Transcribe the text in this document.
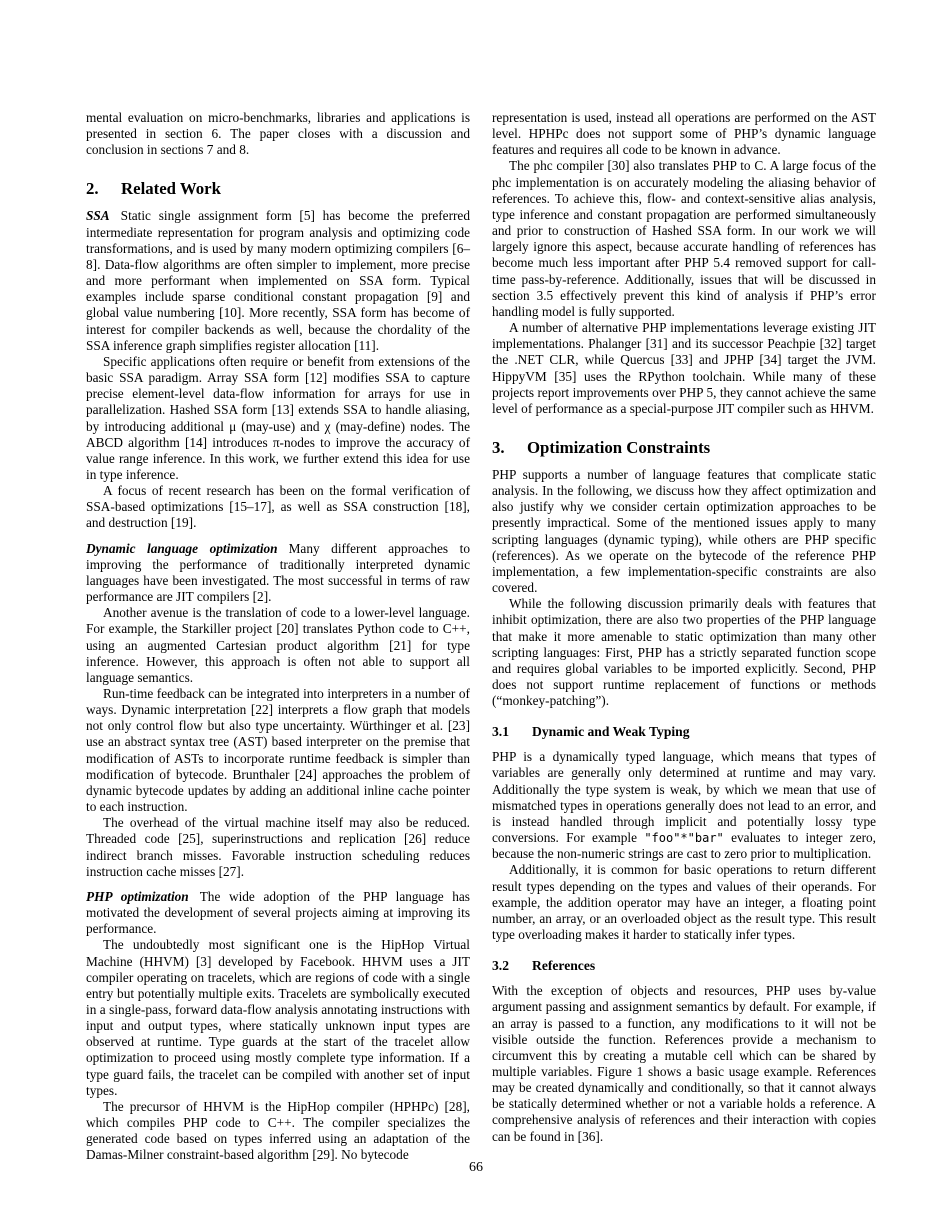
mental evaluation on micro-benchmarks, libraries and applications is presented in section 6. The paper closes with a discussion and conclusion in sections 7 and 8.

2.	Related Work

SSA Static single assignment form [5] has become the preferred intermediate representation for program analysis and optimizing code transformations, and is used by many modern optimizing compilers [6–8]. Data-flow algorithms are often simpler to implement, more precise and more performant when implemented on SSA form. Typical examples include sparse conditional constant propagation [9] and global value numbering [10]. More recently, SSA form has become of interest for compiler backends as well, because the chordality of the SSA inference graph simplifies register allocation [11].

Specific applications often require or benefit from extensions of the basic SSA paradigm. Array SSA form [12] modifies SSA to capture precise element-level data-flow information for arrays for use in parallelization. Hashed SSA form [13] extends SSA to handle aliasing, by introducing additional μ (may-use) and χ (may-define) nodes. The ABCD algorithm [14] introduces π-nodes to improve the accuracy of value range inference. In this work, we further extend this idea for use in type inference.

A focus of recent research has been on the formal verification of SSA-based optimizations [15–17], as well as SSA construction [18], and destruction [19].

Dynamic language optimization Many different approaches to improving the performance of traditionally interpreted dynamic languages have been investigated. The most successful in terms of raw performance are JIT compilers [2].

Another avenue is the translation of code to a lower-level language. For example, the Starkiller project [20] translates Python code to C++, using an augmented Cartesian product algorithm [21] for type inference. However, this approach is often not able to support all language semantics.

Run-time feedback can be integrated into interpreters in a number of ways. Dynamic interpretation [22] interprets a flow graph that models not only control flow but also type uncertainty. Würthinger et al. [23] use an abstract syntax tree (AST) based interpreter on the premise that modification of ASTs to incorporate runtime feedback is simpler than modification of bytecode. Brunthaler [24] approaches the problem of dynamic bytecode updates by adding an additional inline cache pointer to each instruction.

The overhead of the virtual machine itself may also be reduced. Threaded code [25], superinstructions and replication [26] reduce indirect branch misses. Favorable instruction scheduling reduces instruction cache misses [27].

PHP optimization The wide adoption of the PHP language has motivated the development of several projects aiming at improving its performance.

The undoubtedly most significant one is the HipHop Virtual Machine (HHVM) [3] developed by Facebook. HHVM uses a JIT compiler operating on tracelets, which are regions of code with a single entry but potentially multiple exits. Tracelets are symbolically executed in a single-pass, forward data-flow analysis annotating instructions with input and output types, where statically unknown input types are observed at runtime. Type guards at the start of the tracelet allow optimization to proceed using mostly complete type information. If a type guard fails, the tracelet can be compiled with another set of input types.

The precursor of HHVM is the HipHop compiler (HPHPc) [28], which compiles PHP code to C++. The compiler specializes the generated code based on types inferred using an adaptation of the Damas-Milner constraint-based algorithm [29]. No bytecode

representation is used, instead all operations are performed on the AST level. HPHPc does not support some of PHP’s dynamic language features and requires all code to be known in advance.

The phc compiler [30] also translates PHP to C. A large focus of the phc implementation is on accurately modeling the aliasing behavior of references. To achieve this, flow- and context-sensitive alias analysis, type inference and constant propagation are performed simultaneously and prior to construction of Hashed SSA form. In our work we will largely ignore this aspect, because accurate handling of references has become much less important after PHP 5.4 removed support for call-time pass-by-reference. Additionally, issues that will be discussed in section 3.5 effectively prevent this kind of analysis if PHP’s error handling model is fully supported.

A number of alternative PHP implementations leverage existing JIT implementations. Phalanger [31] and its successor Peachpie [32] target the .NET CLR, while Quercus [33] and JPHP [34] target the JVM. HippyVM [35] uses the RPython toolchain. While many of these projects report improvements over PHP 5, they cannot achieve the same level of performance as a special-purpose JIT compiler such as HHVM.

3.	Optimization Constraints

PHP supports a number of language features that complicate static analysis. In the following, we discuss how they affect optimization and also justify why we consider certain optimization approaches to be presently impractical. Some of the mentioned issues apply to many scripting languages (dynamic typing), while others are PHP specific (references). As we operate on the bytecode of the reference PHP implementation, a few implementation-specific constraints are also covered.

While the following discussion primarily deals with features that inhibit optimization, there are also two properties of the PHP language that make it more amenable to static optimization than many other scripting languages: First, PHP has a strictly separated function scope and requires global variables to be imported explicitly. Second, PHP does not support runtime replacement of functions or methods (“monkey-patching”).

3.1	Dynamic and Weak Typing

PHP is a dynamically typed language, which means that types of variables are generally only determined at runtime and may vary. Additionally the type system is weak, by which we mean that use of mismatched types in operations generally does not lead to an error, and is instead handled through implicit and potentially lossy type conversions. For example "foo"*"bar" evaluates to integer zero, because the non-numeric strings are cast to zero prior to multiplication.

Additionally, it is common for basic operations to return different result types depending on the types and values of their operands. For example, the addition operator may have an integer, a floating point number, an array, or an overloaded object as the result type. This result type overloading makes it harder to statically infer types.

3.2	References

With the exception of objects and resources, PHP uses by-value argument passing and assignment semantics by default. For example, if an array is passed to a function, any modifications to it will not be visible outside the function. References provide a mechanism to circumvent this by creating a mutable cell which can be shared by multiple variables. Figure 1 shows a basic usage example. References may be created dynamically and conditionally, so that it cannot always be statically determined whether or not a variable holds a reference. A comprehensive analysis of references and their interaction with copies can be found in [36].

66
